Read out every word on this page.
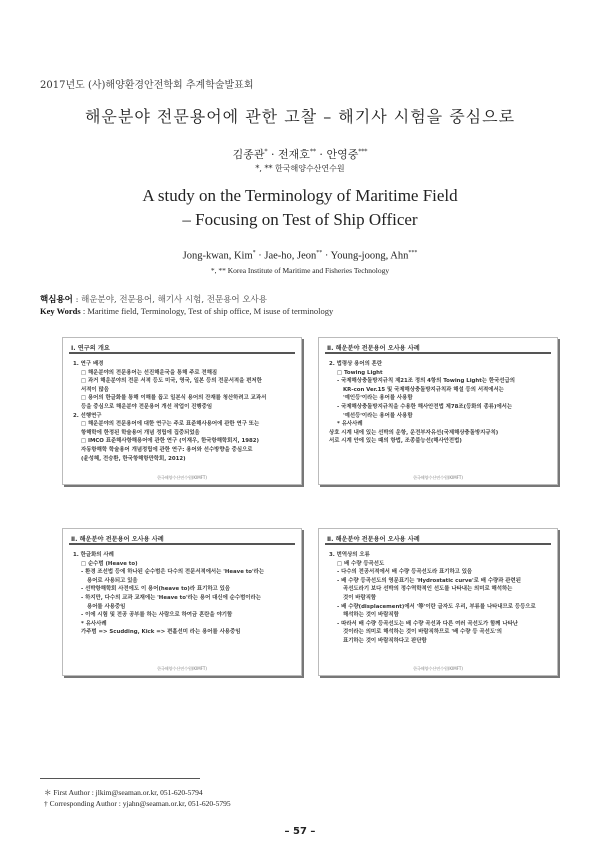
2017년도 (사)해양환경안전학회 추계학술발표회
해운분야 전문용어에 관한 고찰 – 해기사 시험을 중심으로
김종관* · 전재호** · 안영중***
*, ** 한국해양수산연수원
A study on the Terminology of Maritime Field
– Focusing on Test of Ship Officer
Jong-kwan, Kim* · Jae-ho, Jeon** · Young-joong, Ahn***
*, ** Korea Institute of Maritime and Fisheries Technology
핵심용어 : 해운분야, 전문용어, 해기사 시험, 전문용어 오사용
Key Words : Maritime field, Terminology, Test of ship office, M isuse of terminology
Ⅰ. 연구의 개요
1. 연구 배경
□ 해운분야의 전문용어는 선진해운국을 통해 주로 전해짐
□ 과거 해운분야의 전문 서적 등도 미국, 영국, 일본 등의 전문서적을 편저한
서적이 많음
□ 용어의 한글화를 통해 이해를 돕고 일본식 용어의 잔재를 청산하려고 교과서
등을 중심으로 해운분야 전문용어 개선 작업이 진행중임
2. 선행연구
□ 해운분야의 전문용어에 대한 연구는 주로 표준해사용어에 관한 연구 또는
항해학에 한정된 학술용어 개념 정립에 집중되었음
□ IMCO 표준해사항해용어에 관한 연구 (이재우, 한국항해학회지, 1982)
자동항해학 학술용어 개념정립에 관한 연구: 용어와 선수방향을 중심으로
(윤성혜, 전승환, 한국항해항만학회, 2012)
한국해양수산연수원(KIMFT)
Ⅱ. 해운분야 전문용어 오사용 사례
2. 법령상 용어의 혼란
□ Towing Light
- 국제해상충돌방지규칙 제21조 정의 4항의 Towing Light는 한국선급의
KR-con Ver.15 및 국제해상충돌방지규칙과 해설 등의 서적에서는
'예인등'이라는 용어를 사용함
- 국제해상충돌방지규칙을 수용한 해사안전법 제78조(등화의 종류)에서는
'예선등'이라는 용어를 사용함
* 유사사례
상호 시계 내에 있는 선박의 운항, 운전부자유선(국제해상충돌방지규칙)
서로 시계 안에 있는 때의 항법, 조종불능선(해사안전법)
한국해양수산연수원(KIMFT)
Ⅱ. 해운분야 전문용어 오사용 사례
1. 한글화의 사례
□ 순수범 (Heave to)
- 환경 조선법 등에 하나된 순수범은 다수의 전문서적에서는 'Heave to'라는
용어로 사용되고 있음
- 선박항해학회 사전에도 이 용어(heave to)라 표기하고 있음
- 하지만, 다수의 교과 교재에는 'Heave to'라는 용어 대신에 순수범이라는
용어를 사용중임
- 이에 시험 및 전공 공부를 하는 사람으로 하여금 혼란을 야기함
* 유사사례
가주범 => Scudding, Kick => 편흘선미 라는 용어를 사용중임
한국해양수산연수원(KIMFT)
Ⅱ. 해운분야 전문용어 오사용 사례
3. 번역상의 오류
□ 배 수량 등곡선도
- 다수의 전공서적에서 배 수량 등곡선도라 표기하고 있음
- 배 수량 등곡선도의 영문표기는 'Hydrostatic curve'로 배 수량과 관련된
곡선도라기 보다 선박의 정수역학적인 선도를 나타내는 의미로 해석하는
것이 바람직함
- 배 수량(displacement)에서 '等'이란 글자도 우리, 부류를 나타내므로 등등으로
해석하는 것이 바람직함
- 따라서 배 수량 등곡선도는 배 수량 곡선과 다른 여러 곡선도가 함께 나타난
것이라는 의미로 해석하는 것이 바람직하므로 '배 수량 등 곡선도'의
표기하는 것이 바람직하다고 판단함
한국해양수산연수원(KIMFT)
＊ First Author : jlkim@seaman.or.kr, 051-620-5794
† Corresponding Author : yjahn@seaman.or.kr, 051-620-5795
– 57 –
